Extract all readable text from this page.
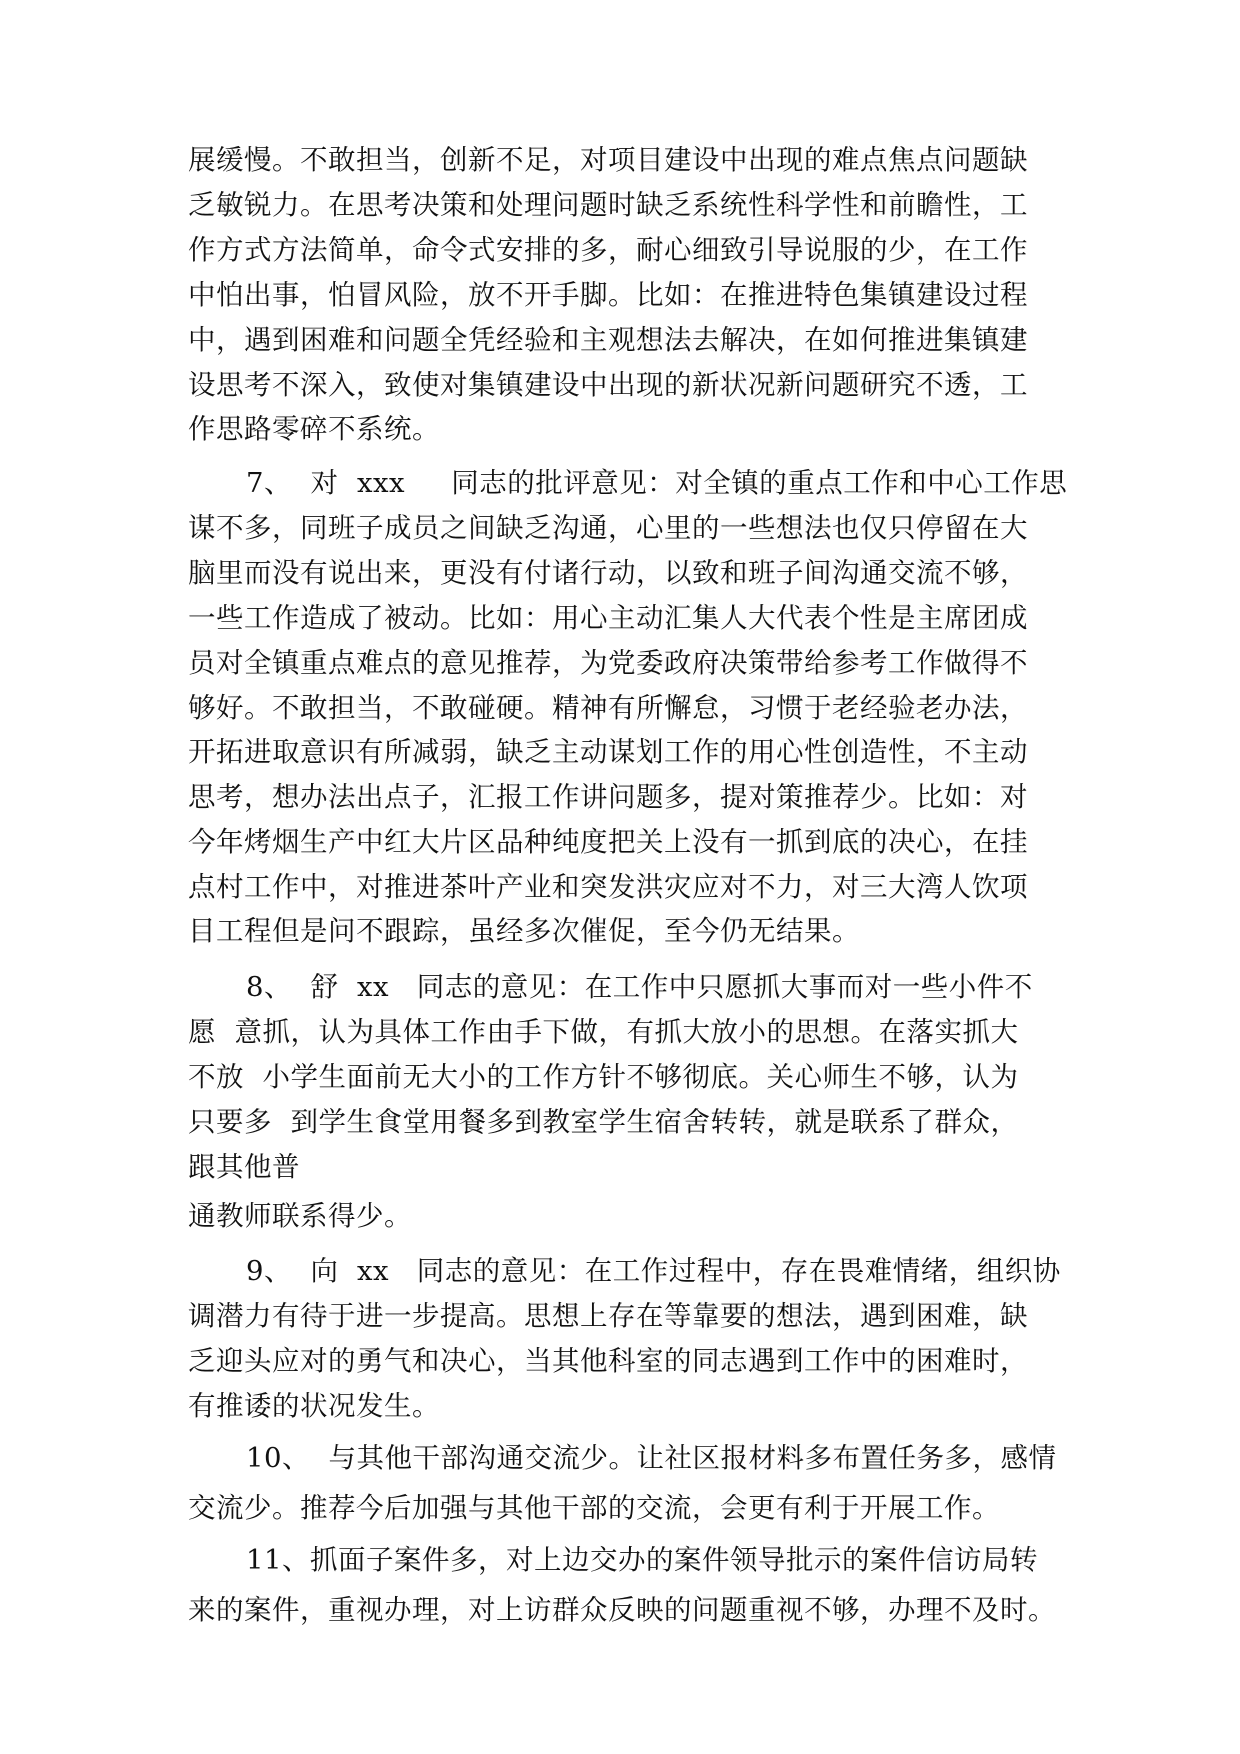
展缓慢。不敢担当，创新不足，对项目建设中出现的难点焦点问题缺
乏敏锐力。在思考决策和处理问题时缺乏系统性科学性和前瞻性，工
作方式方法简单，命令式安排的多，耐心细致引导说服的少，在工作
中怕出事，怕冒风险，放不开手脚。比如：在推进特色集镇建设过程
中，遇到困难和问题全凭经验和主观想法去解决，在如何推进集镇建
设思考不深入，致使对集镇建设中出现的新状况新问题研究不透，工
作思路零碎不系统。
7、  对  xxx     同志的批评意见：对全镇的重点工作和中心工作思
谋不多，同班子成员之间缺乏沟通，心里的一些想法也仅只停留在大
脑里而没有说出来，更没有付诸行动，以致和班子间沟通交流不够，
一些工作造成了被动。比如：用心主动汇集人大代表个性是主席团成
员对全镇重点难点的意见推荐，为党委政府决策带给参考工作做得不
够好。不敢担当，不敢碰硬。精神有所懈怠，习惯于老经验老办法，
开拓进取意识有所减弱，缺乏主动谋划工作的用心性创造性，不主动
思考，想办法出点子，汇报工作讲问题多，提对策推荐少。比如：对
今年烤烟生产中红大片区品种纯度把关上没有一抓到底的决心，在挂
点村工作中，对推进茶叶产业和突发洪灾应对不力，对三大湾人饮项
目工程但是问不跟踪，虽经多次催促，至今仍无结果。
8、  舒  xx   同志的意见：在工作中只愿抓大事而对一些小件不
愿  意抓，认为具体工作由手下做，有抓大放小的思想。在落实抓大
不放  小学生面前无大小的工作方针不够彻底。关心师生不够，认为
只要多  到学生食堂用餐多到教室学生宿舍转转，就是联系了群众，
跟其他普
通教师联系得少。
9、  向  xx   同志的意见：在工作过程中，存在畏难情绪，组织协
调潜力有待于进一步提高。思想上存在等靠要的想法，遇到困难，缺
乏迎头应对的勇气和决心，当其他科室的同志遇到工作中的困难时，
有推诿的状况发生。
10、  与其他干部沟通交流少。让社区报材料多布置任务多，感情
交流少。推荐今后加强与其他干部的交流，会更有利于开展工作。
11、抓面子案件多，对上边交办的案件领导批示的案件信访局转
来的案件，重视办理，对上访群众反映的问题重视不够，办理不及时。
